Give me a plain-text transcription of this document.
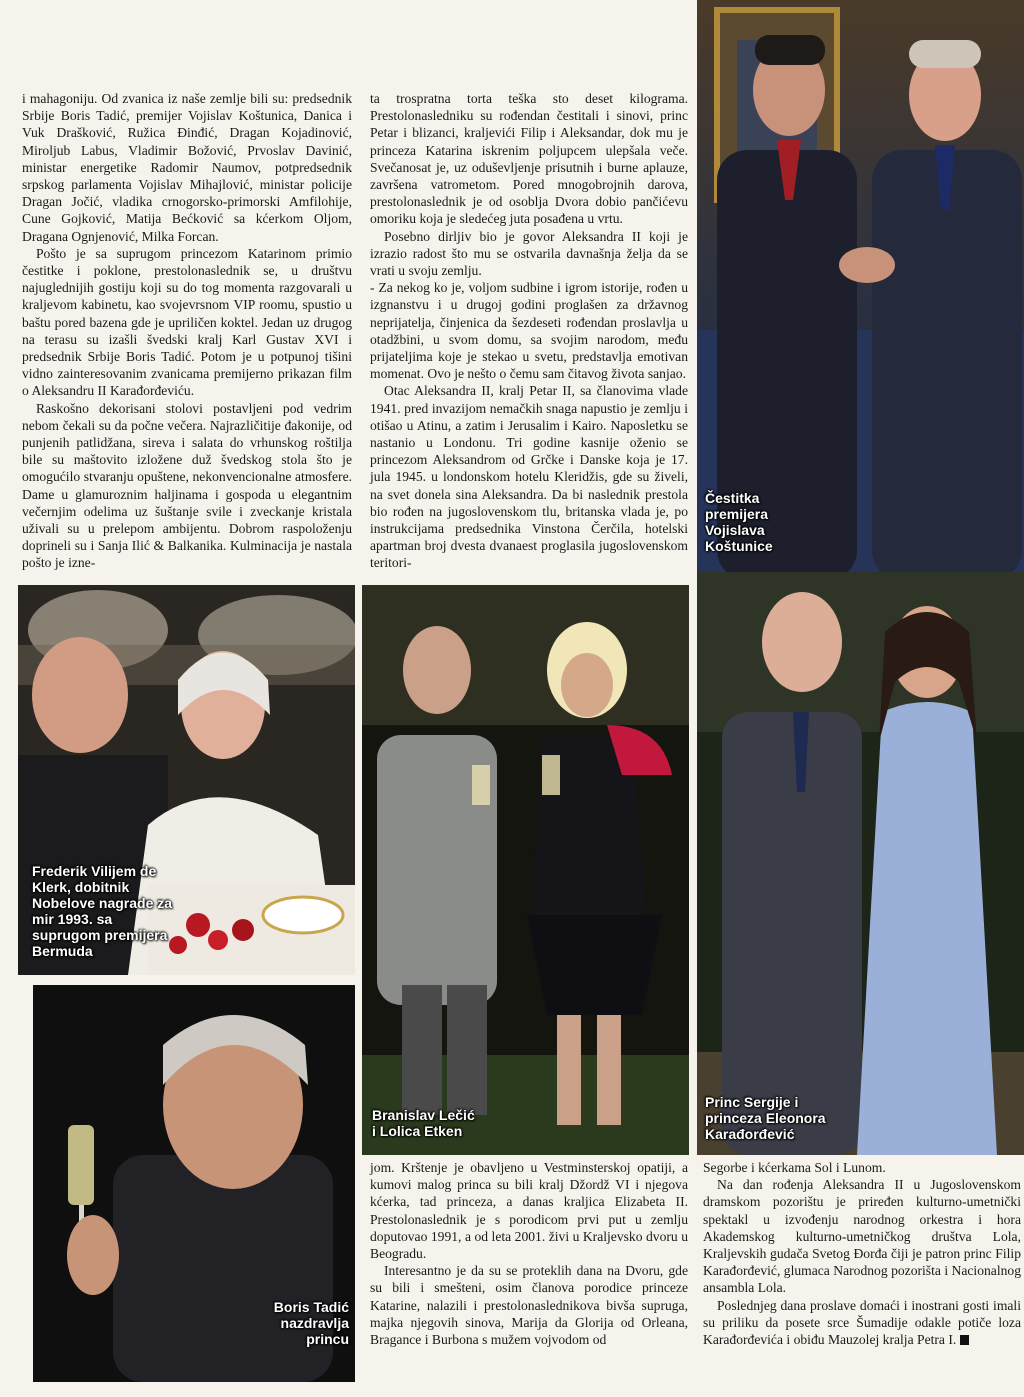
i mahagoniju. Od zvanica iz naše zemlje bili su: predsednik Srbije Boris Tadić, premijer Vojislav Koštunica, Danica i Vuk Drašković, Ružica Đinđić, Dragan Kojadinović, Miroljub Labus, Vladimir Božović, Prvoslav Davinić, ministar energetike Radomir Naumov, potpredsednik srpskog parlamenta Vojislav Mihajlović, ministar policije Dragan Jočić, vladika crnogorsko-primorski Amfilohije, Cune Gojković, Matija Bećković sa kćerkom Oljom, Dragana Ognjenović, Milka Forcan.

Pošto je sa suprugom princezom Katarinom primio čestitke i poklone, prestolonaslednik se, u društvu najuglednijih gostiju koji su do tog momenta razgovarali u kraljevom kabinetu, kao svojevrsnom VIP roomu, spustio u baštu pored bazena gde je upriličen koktel. Jedan uz drugog na terasu su izašli švedski kralj Karl Gustav XVI i predsednik Srbije Boris Tadić. Potom je u potpunoj tišini vidno zainteresovanim zvanicama premijerno prikazan film o Aleksandru II Karađorđeviću.

Raskošno dekorisani stolovi postavljeni pod vedrim nebom čekali su da počne večera. Najrazličitije đakonije, od punjenih patlidžana, sireva i salata do vrhunskog roštilja bile su maštovito izložene duž švedskog stola što je omogućilo stvaranju opuštene, nekonvencionalne atmosfere. Dame u glamuroznim haljinama i gospoda u elegantnim večernjim odelima uz šuštanje svile i zveckanje kristala uživali su u prelepom ambijentu. Dobrom raspoloženju doprineli su i Sanja Ilić & Balkanika. Kulminacija je nastala pošto je izne-

ta trospratna torta teška sto deset kilograma. Prestolonasledniku su rođendan čestitali i sinovi, princ Petar i blizanci, kraljevići Filip i Aleksandar, dok mu je princeza Katarina iskrenim poljupcem ulepšala veče. Svečanosat je, uz oduševljenje prisutnih i burne aplauze, završena vatrometom. Pored mnogobrojnih darova, prestolonaslednik je od osoblja Dvora dobio pančićevu omoriku koja je sledećeg juta posađena u vrtu.

Posebno dirljiv bio je govor Aleksandra II koji je izrazio radost što mu se ostvarila davnašnja želja da se vrati u svoju zemlju.

- Za nekog ko je, voljom sudbine i igrom istorije, rođen u izgnanstvu i u drugoj godini proglašen za državnog neprijatelja, činjenica da šezdeseti rođendan proslavlja u otadžbini, u svom domu, sa svojim narodom, među prijateljima koje je stekao u svetu, predstavlja emotivan momenat. Ovo je nešto o čemu sam čitavog života sanjao.

Otac Aleksandra II, kralj Petar II, sa članovima vlade 1941. pred invazijom nemačkih snaga napustio je zemlju i otišao u Atinu, a zatim i Jerusalim i Kairo. Naposletku se nastanio u Londonu. Tri godine kasnije oženio se princezom Aleksandrom od Grčke i Danske koja je 17. jula 1945. u londonskom hotelu Kleridžis, gde su živeli, na svet donela sina Aleksandra. Da bi naslednik prestola bio rođen na jugoslovenskom tlu, britanska vlada je, po instrukcijama predsednika Vinstona Čerčila, hotelski apartman broj dvesta dvanaest proglasila jugoslovenskom teritori-

Čestitka
premijera
Vojislava
Koštunice
Frederik Vilijem de
Klerk, dobitnik
Nobelove nagrade za
mir 1993. sa
suprugom premijera
Bermuda
Branislav Lečić
i Lolica Etken
Princ Sergije i
princeza Eleonora
Karađorđević
Boris Tadić
nazdravlja
princu

jom. Krštenje je obavljeno u Vestminsterskoj opatiji, a kumovi malog princa su bili kralj Džordž VI i njegova kćerka, tad princeza, a danas kraljica Elizabeta II. Prestolonaslednik je s porodicom prvi put u zemlju doputovao 1991, a od leta 2001. živi u Kraljevsko dvoru u Beogradu.

Interesantno je da su se proteklih dana na Dvoru, gde su bili i smešteni, osim članova porodice princeze Katarine, nalazili i prestolonaslednikova bivša supruga, majka njegovih sinova, Marija da Glorija od Orleana, Bragance i Burbona s mužem vojvodom od

Segorbe i kćerkama Sol i Lunom.

Na dan rođenja Aleksandra II u Jugoslovenskom dramskom pozorištu je priređen kulturno-umetnički spektakl u izvođenju narodnog orkestra i hora Akademskog kulturno-umetničkog društva Lola, Kraljevskih gudača Svetog Đorđa čiji je patron princ Filip Karađorđević, glumaca Narodnog pozorišta i Nacionalnog ansambla Lola.

Poslednjeg dana proslave domaći i inostrani gosti imali su priliku da posete srce Šumadije odakle potiče loza Karađorđevića i obiđu Mauzolej kralja Petra I.
